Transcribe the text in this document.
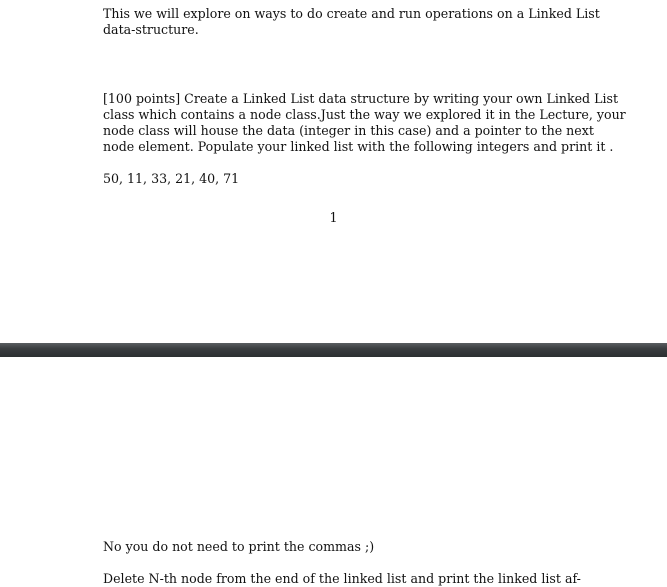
This we will explore on ways to do create and run operations on a Linked List
data-structure.

[100 points] Create a Linked List data structure by writing your own Linked List
class which contains a node class.Just the way we explored it in the Lecture, your
node class will house the data (integer in this case) and a pointer to the next
node element. Populate your linked list with the following integers and print it .

50, 11, 33, 21, 40, 71

1

No you do not need to print the commas ;)

Delete N-th node from the end of the linked list and print the linked list af-
